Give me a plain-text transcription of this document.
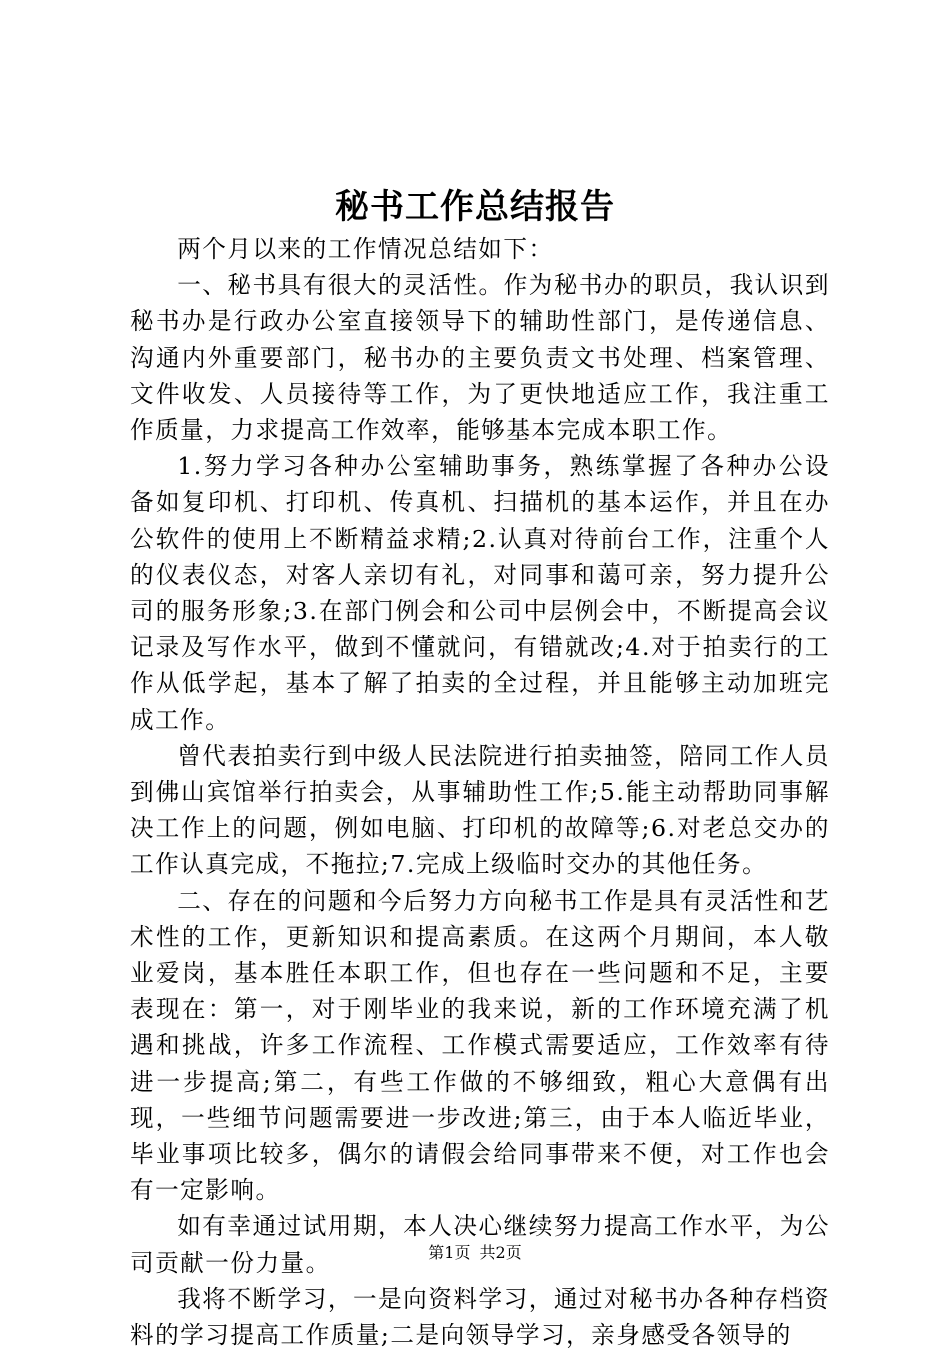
秘书工作总结报告

两个月以来的工作情况总结如下：

一、秘书具有很大的灵活性。作为秘书办的职员，我认识到秘书办是行政办公室直接领导下的辅助性部门，是传递信息、沟通内外重要部门，秘书办的主要负责文书处理、档案管理、文件收发、人员接待等工作，为了更快地适应工作，我注重工作质量，力求提高工作效率，能够基本完成本职工作。

1.努力学习各种办公室辅助事务，熟练掌握了各种办公设备如复印机、打印机、传真机、扫描机的基本运作，并且在办公软件的使用上不断精益求精;2.认真对待前台工作，注重个人的仪表仪态，对客人亲切有礼，对同事和蔼可亲，努力提升公司的服务形象;3.在部门例会和公司中层例会中，不断提高会议记录及写作水平，做到不懂就问，有错就改;4.对于拍卖行的工作从低学起，基本了解了拍卖的全过程，并且能够主动加班完成工作。

曾代表拍卖行到中级人民法院进行拍卖抽签，陪同工作人员到佛山宾馆举行拍卖会，从事辅助性工作;5.能主动帮助同事解决工作上的问题，例如电脑、打印机的故障等;6.对老总交办的工作认真完成，不拖拉;7.完成上级临时交办的其他任务。

二、存在的问题和今后努力方向秘书工作是具有灵活性和艺术性的工作，更新知识和提高素质。在这两个月期间，本人敬业爱岗，基本胜任本职工作，但也存在一些问题和不足，主要表现在：第一，对于刚毕业的我来说，新的工作环境充满了机遇和挑战，许多工作流程、工作模式需要适应，工作效率有待进一步提高;第二，有些工作做的不够细致，粗心大意偶有出现，一些细节问题需要进一步改进;第三，由于本人临近毕业，毕业事项比较多，偶尔的请假会给同事带来不便，对工作也会有一定影响。

如有幸通过试用期，本人决心继续努力提高工作水平，为公司贡献一份力量。

我将不断学习，一是向资料学习，通过对秘书办各种存档资料的学习提高工作质量;二是向领导学习，亲身感受各领导的

第1页 共2页
